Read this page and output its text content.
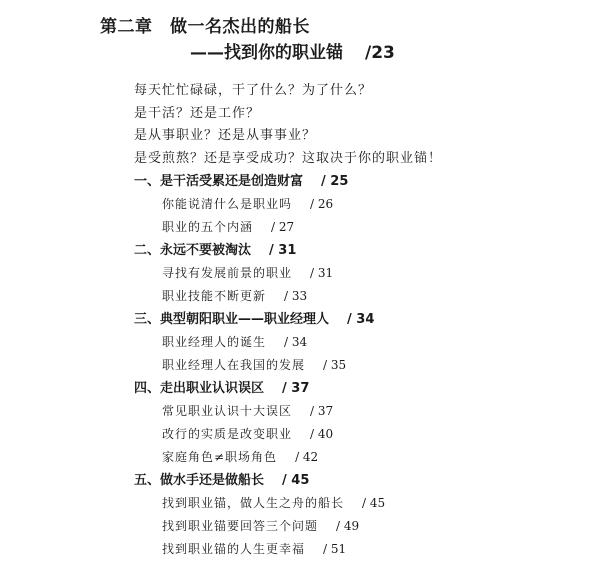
第二章　做一名杰出的船长
——找到你的职业锚 /23
每天忙忙碌碌，干了什么？为了什么？
是干活？还是工作？
是从事职业？还是从事事业？
是受煎熬？还是享受成功？这取决于你的职业锚！
一、是干活受累还是创造财富 / 25
你能说清什么是职业吗 / 26
职业的五个内涵 / 27
二、永远不要被淘汰 / 31
寻找有发展前景的职业 / 31
职业技能不断更新 / 33
三、典型朝阳职业——职业经理人 / 34
职业经理人的诞生 / 34
职业经理人在我国的发展 / 35
四、走出职业认识误区 / 37
常见职业认识十大误区 / 37
改行的实质是改变职业 / 40
家庭角色≠职场角色 / 42
五、做水手还是做船长 / 45
找到职业锚，做人生之舟的船长 / 45
找到职业锚要回答三个问题 / 49
找到职业锚的人生更幸福 / 51
